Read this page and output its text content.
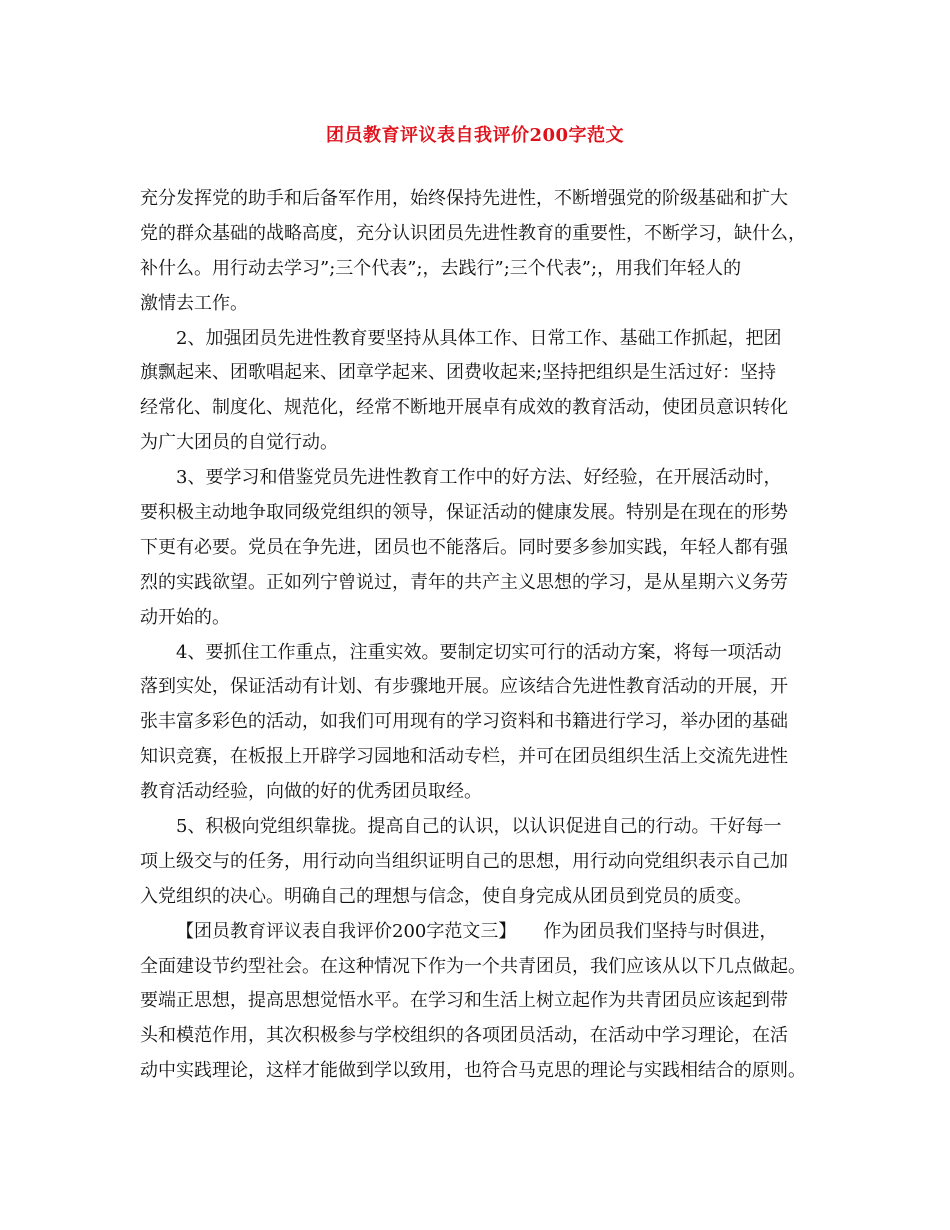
团员教育评议表自我评价200字范文
充分发挥党的助手和后备军作用，始终保持先进性，不断增强党的阶级基础和扩大
党的群众基础的战略高度，充分认识团员先进性教育的重要性，不断学习，缺什么，
补什么。用行动去学习”;三个代表”;，去践行”;三个代表”;，用我们年轻人的
激情去工作。
2、加强团员先进性教育要坚持从具体工作、日常工作、基础工作抓起，把团
旗飘起来、团歌唱起来、团章学起来、团费收起来;坚持把组织是生活过好：坚持
经常化、制度化、规范化，经常不断地开展卓有成效的教育活动，使团员意识转化
为广大团员的自觉行动。
3、要学习和借鉴党员先进性教育工作中的好方法、好经验，在开展活动时，
要积极主动地争取同级党组织的领导，保证活动的健康发展。特别是在现在的形势
下更有必要。党员在争先进，团员也不能落后。同时要多参加实践，年轻人都有强
烈的实践欲望。正如列宁曾说过，青年的共产主义思想的学习，是从星期六义务劳
动开始的。
4、要抓住工作重点，注重实效。要制定切实可行的活动方案，将每一项活动
落到实处，保证活动有计划、有步骤地开展。应该结合先进性教育活动的开展，开
张丰富多彩色的活动，如我们可用现有的学习资料和书籍进行学习，举办团的基础
知识竞赛，在板报上开辟学习园地和活动专栏，并可在团员组织生活上交流先进性
教育活动经验，向做的好的优秀团员取经。
5、积极向党组织靠拢。提高自己的认识，以认识促进自己的行动。干好每一
项上级交与的任务，用行动向当组织证明自己的思想，用行动向党组织表示自己加
入党组织的决心。明确自己的理想与信念，使自身完成从团员到党员的质变。
【团员教育评议表自我评价200字范文三】　　作为团员我们坚持与时俱进，
全面建设节约型社会。在这种情况下作为一个共青团员，我们应该从以下几点做起。
要端正思想，提高思想觉悟水平。在学习和生活上树立起作为共青团员应该起到带
头和模范作用，其次积极参与学校组织的各项团员活动，在活动中学习理论，在活
动中实践理论，这样才能做到学以致用，也符合马克思的理论与实践相结合的原则。
